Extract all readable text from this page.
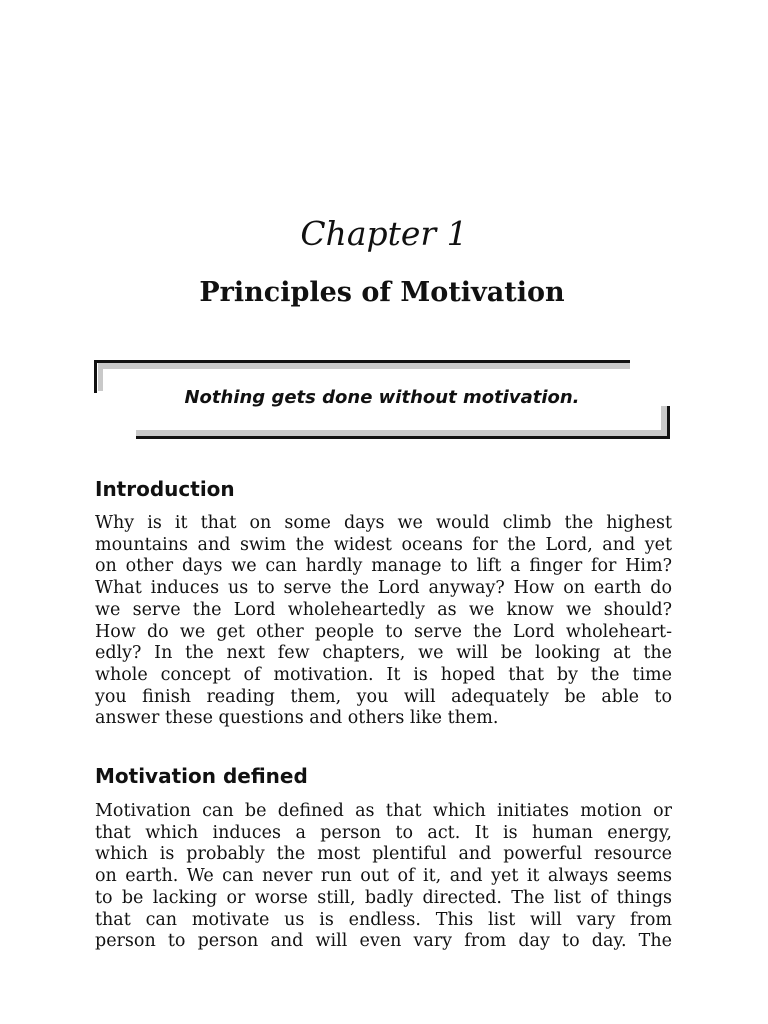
Chapter 1
Principles of Motivation

Nothing gets done without motivation.

Introduction
Why is it that on some days we would climb the highest
mountains and swim the widest oceans for the Lord, and yet
on other days we can hardly manage to lift a finger for Him?
What induces us to serve the Lord anyway? How on earth do
we serve the Lord wholeheartedly as we know we should?
How do we get other people to serve the Lord wholeheart-
edly? In the next few chapters, we will be looking at the
whole concept of motivation. It is hoped that by the time
you finish reading them, you will adequately be able to
answer these questions and others like them.
Motivation defined
Motivation can be defined as that which initiates motion or
that which induces a person to act. It is human energy,
which is probably the most plentiful and powerful resource
on earth. We can never run out of it, and yet it always seems
to be lacking or worse still, badly directed. The list of things
that can motivate us is endless. This list will vary from
person to person and will even vary from day to day. The
